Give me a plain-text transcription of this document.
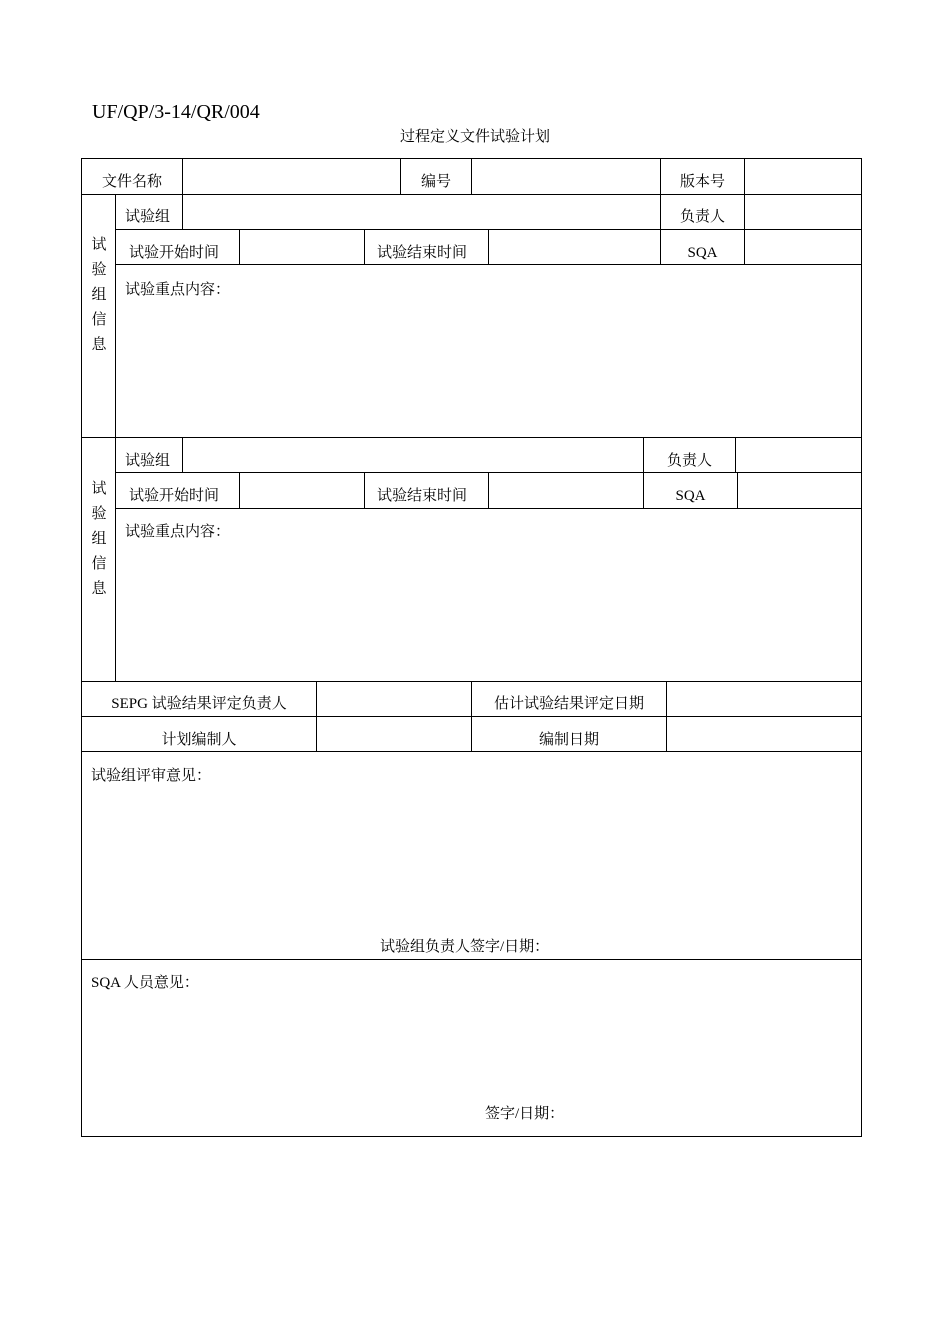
UF/QP/3-14/QR/004
过程定义文件试验计划
文件名称	编号	版本号
试
验
组
信
息
试验组	负责人
试验开始时间	试验结束时间	SQA
试验重点内容：
试
验
组
信
息
试验组	负责人
试验开始时间	试验结束时间	SQA
试验重点内容：
SEPG 试验结果评定负责人	估计试验结果评定日期
计划编制人	编制日期
试验组评审意见：
试验组负责人签字/日期：
SQA 人员意见：
签字/日期：
